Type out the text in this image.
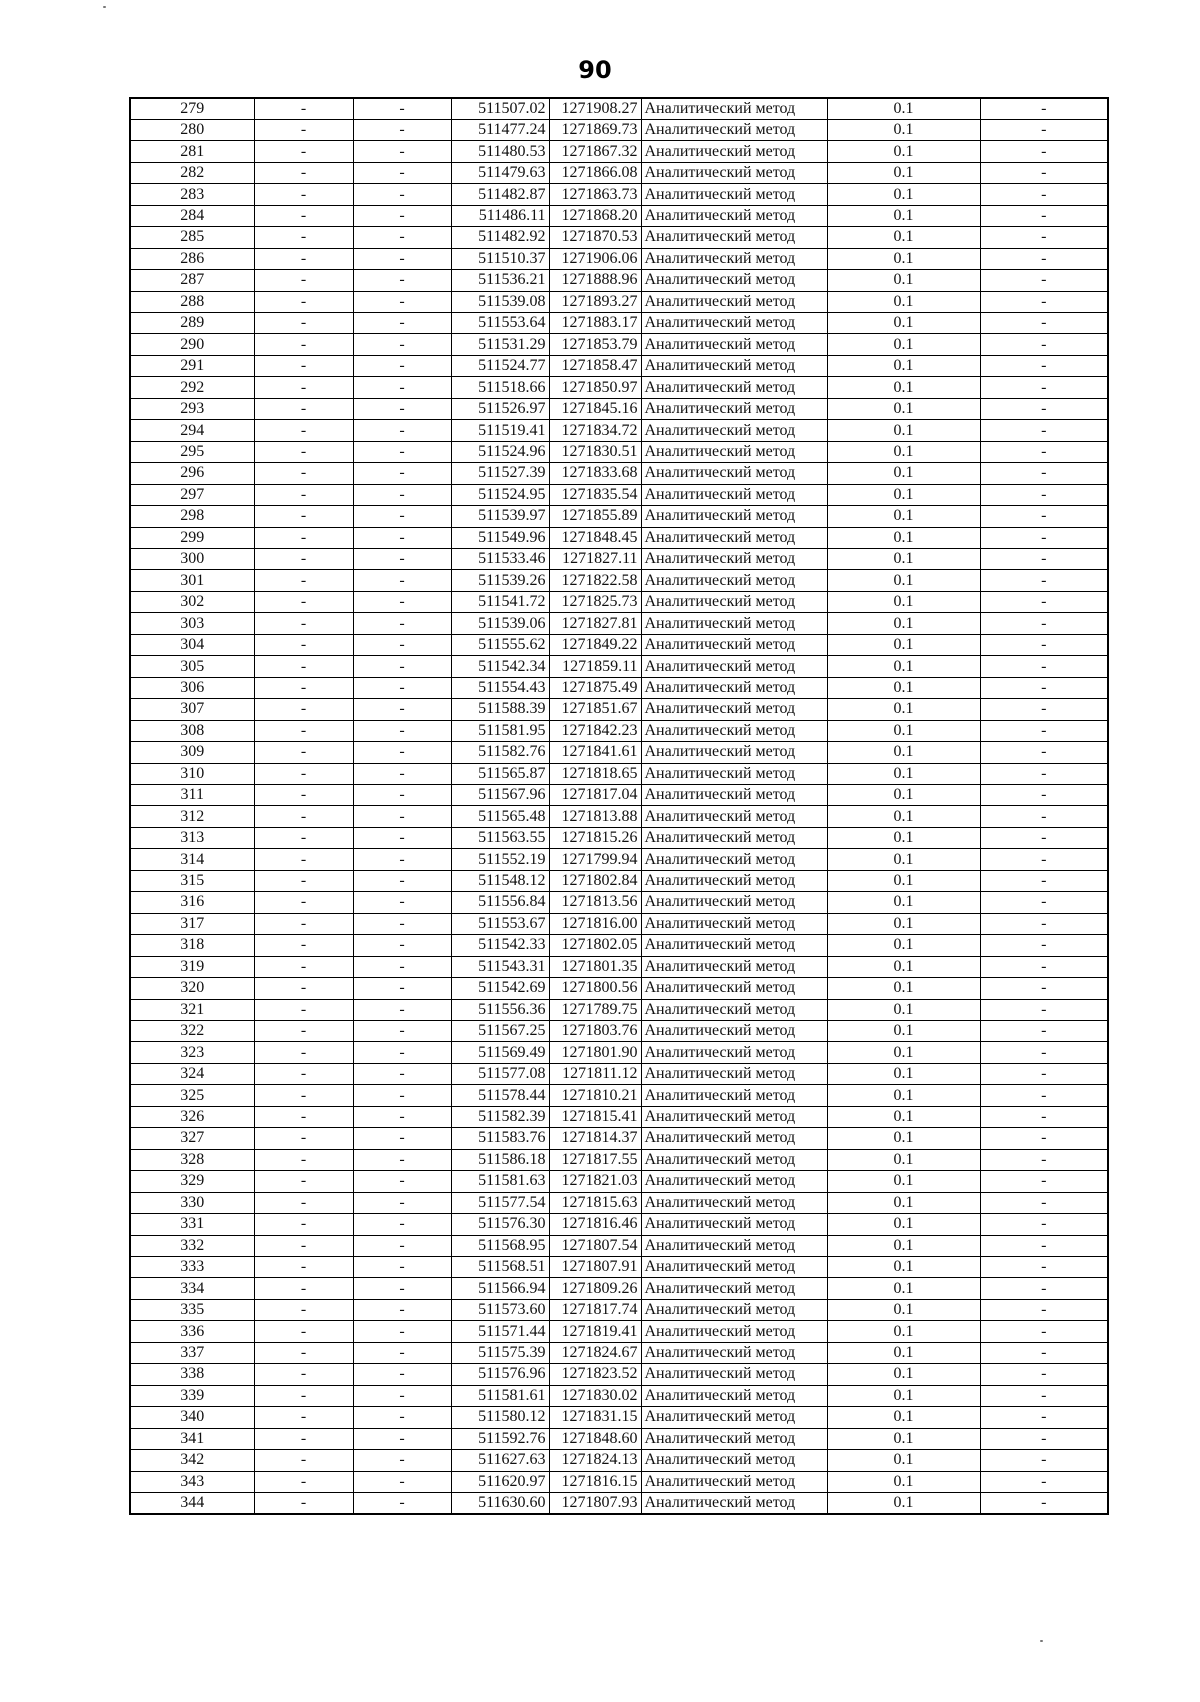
90
279	-	-	511507.02	1271908.27	Аналитический метод	0.1	-
280	-	-	511477.24	1271869.73	Аналитический метод	0.1	-
281	-	-	511480.53	1271867.32	Аналитический метод	0.1	-
282	-	-	511479.63	1271866.08	Аналитический метод	0.1	-
283	-	-	511482.87	1271863.73	Аналитический метод	0.1	-
284	-	-	511486.11	1271868.20	Аналитический метод	0.1	-
285	-	-	511482.92	1271870.53	Аналитический метод	0.1	-
286	-	-	511510.37	1271906.06	Аналитический метод	0.1	-
287	-	-	511536.21	1271888.96	Аналитический метод	0.1	-
288	-	-	511539.08	1271893.27	Аналитический метод	0.1	-
289	-	-	511553.64	1271883.17	Аналитический метод	0.1	-
290	-	-	511531.29	1271853.79	Аналитический метод	0.1	-
291	-	-	511524.77	1271858.47	Аналитический метод	0.1	-
292	-	-	511518.66	1271850.97	Аналитический метод	0.1	-
293	-	-	511526.97	1271845.16	Аналитический метод	0.1	-
294	-	-	511519.41	1271834.72	Аналитический метод	0.1	-
295	-	-	511524.96	1271830.51	Аналитический метод	0.1	-
296	-	-	511527.39	1271833.68	Аналитический метод	0.1	-
297	-	-	511524.95	1271835.54	Аналитический метод	0.1	-
298	-	-	511539.97	1271855.89	Аналитический метод	0.1	-
299	-	-	511549.96	1271848.45	Аналитический метод	0.1	-
300	-	-	511533.46	1271827.11	Аналитический метод	0.1	-
301	-	-	511539.26	1271822.58	Аналитический метод	0.1	-
302	-	-	511541.72	1271825.73	Аналитический метод	0.1	-
303	-	-	511539.06	1271827.81	Аналитический метод	0.1	-
304	-	-	511555.62	1271849.22	Аналитический метод	0.1	-
305	-	-	511542.34	1271859.11	Аналитический метод	0.1	-
306	-	-	511554.43	1271875.49	Аналитический метод	0.1	-
307	-	-	511588.39	1271851.67	Аналитический метод	0.1	-
308	-	-	511581.95	1271842.23	Аналитический метод	0.1	-
309	-	-	511582.76	1271841.61	Аналитический метод	0.1	-
310	-	-	511565.87	1271818.65	Аналитический метод	0.1	-
311	-	-	511567.96	1271817.04	Аналитический метод	0.1	-
312	-	-	511565.48	1271813.88	Аналитический метод	0.1	-
313	-	-	511563.55	1271815.26	Аналитический метод	0.1	-
314	-	-	511552.19	1271799.94	Аналитический метод	0.1	-
315	-	-	511548.12	1271802.84	Аналитический метод	0.1	-
316	-	-	511556.84	1271813.56	Аналитический метод	0.1	-
317	-	-	511553.67	1271816.00	Аналитический метод	0.1	-
318	-	-	511542.33	1271802.05	Аналитический метод	0.1	-
319	-	-	511543.31	1271801.35	Аналитический метод	0.1	-
320	-	-	511542.69	1271800.56	Аналитический метод	0.1	-
321	-	-	511556.36	1271789.75	Аналитический метод	0.1	-
322	-	-	511567.25	1271803.76	Аналитический метод	0.1	-
323	-	-	511569.49	1271801.90	Аналитический метод	0.1	-
324	-	-	511577.08	1271811.12	Аналитический метод	0.1	-
325	-	-	511578.44	1271810.21	Аналитический метод	0.1	-
326	-	-	511582.39	1271815.41	Аналитический метод	0.1	-
327	-	-	511583.76	1271814.37	Аналитический метод	0.1	-
328	-	-	511586.18	1271817.55	Аналитический метод	0.1	-
329	-	-	511581.63	1271821.03	Аналитический метод	0.1	-
330	-	-	511577.54	1271815.63	Аналитический метод	0.1	-
331	-	-	511576.30	1271816.46	Аналитический метод	0.1	-
332	-	-	511568.95	1271807.54	Аналитический метод	0.1	-
333	-	-	511568.51	1271807.91	Аналитический метод	0.1	-
334	-	-	511566.94	1271809.26	Аналитический метод	0.1	-
335	-	-	511573.60	1271817.74	Аналитический метод	0.1	-
336	-	-	511571.44	1271819.41	Аналитический метод	0.1	-
337	-	-	511575.39	1271824.67	Аналитический метод	0.1	-
338	-	-	511576.96	1271823.52	Аналитический метод	0.1	-
339	-	-	511581.61	1271830.02	Аналитический метод	0.1	-
340	-	-	511580.12	1271831.15	Аналитический метод	0.1	-
341	-	-	511592.76	1271848.60	Аналитический метод	0.1	-
342	-	-	511627.63	1271824.13	Аналитический метод	0.1	-
343	-	-	511620.97	1271816.15	Аналитический метод	0.1	-
344	-	-	511630.60	1271807.93	Аналитический метод	0.1	-
